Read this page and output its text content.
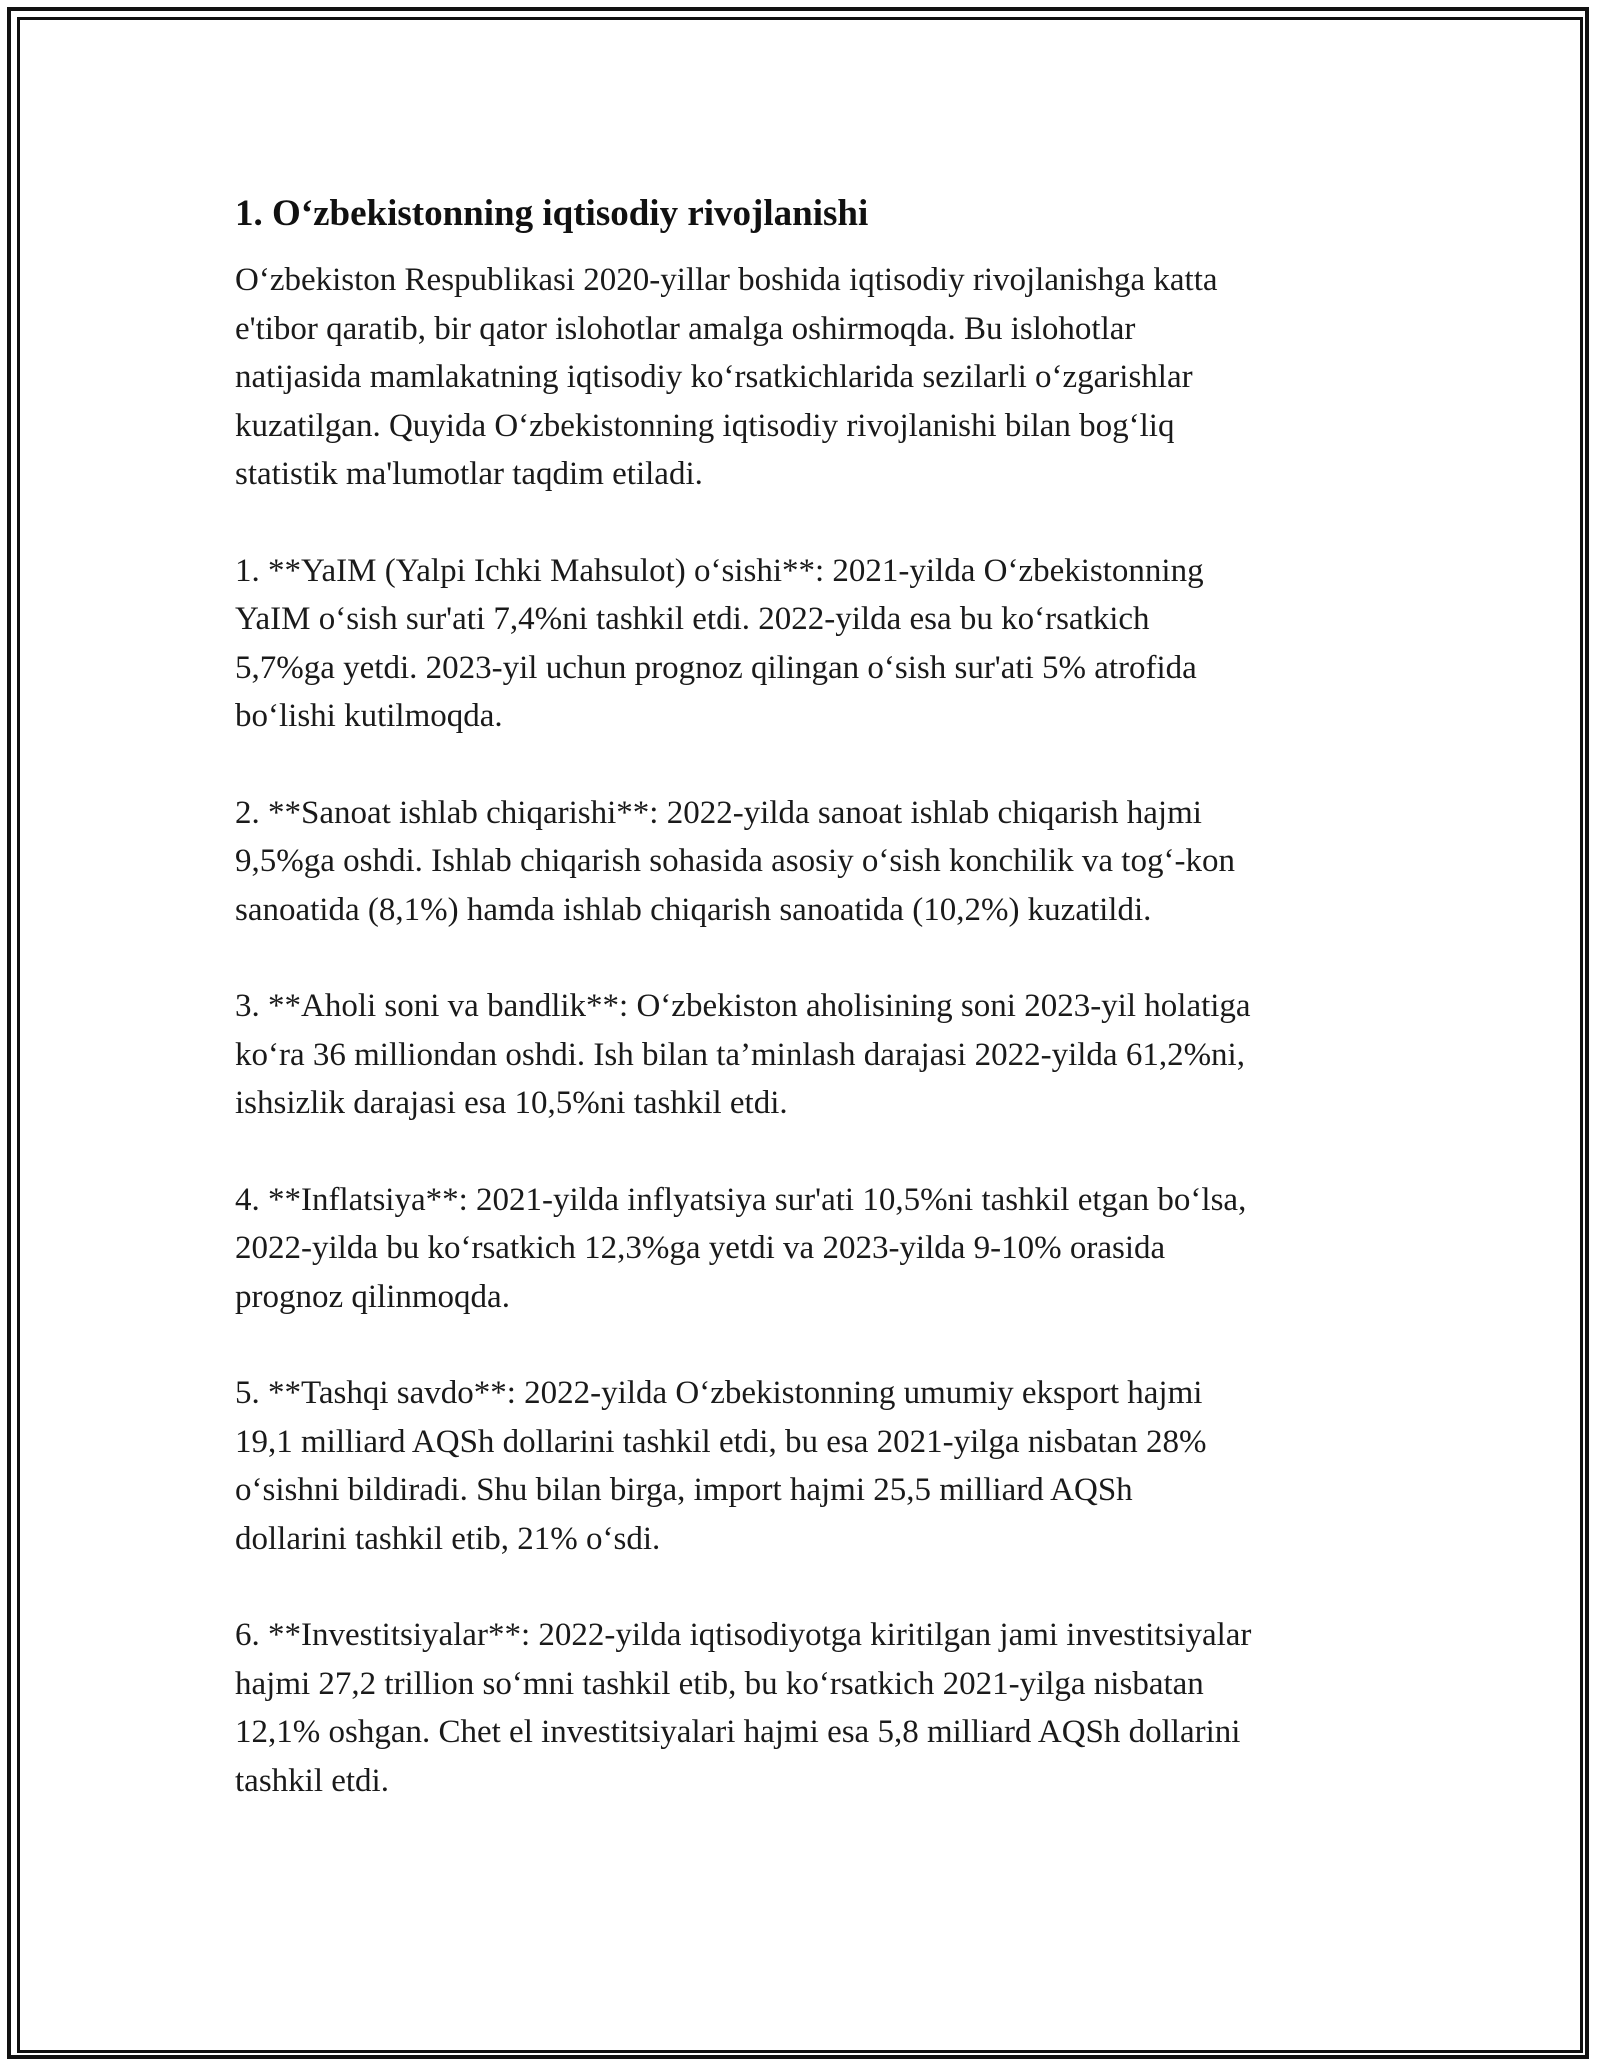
1. O‘zbekistonning iqtisodiy rivojlanishi

O‘zbekiston Respublikasi 2020-yillar boshida iqtisodiy rivojlanishga katta
e'tibor qaratib, bir qator islohotlar amalga oshirmoqda. Bu islohotlar
natijasida mamlakatning iqtisodiy ko‘rsatkichlarida sezilarli o‘zgarishlar
kuzatilgan. Quyida O‘zbekistonning iqtisodiy rivojlanishi bilan bog‘liq
statistik ma'lumotlar taqdim etiladi.

1. **YaIM (Yalpi Ichki Mahsulot) o‘sishi**: 2021-yilda O‘zbekistonning
YaIM o‘sish sur'ati 7,4%ni tashkil etdi. 2022-yilda esa bu ko‘rsatkich
5,7%ga yetdi. 2023-yil uchun prognoz qilingan o‘sish sur'ati 5% atrofida
bo‘lishi kutilmoqda.

2. **Sanoat ishlab chiqarishi**: 2022-yilda sanoat ishlab chiqarish hajmi
9,5%ga oshdi. Ishlab chiqarish sohasida asosiy o‘sish konchilik va tog‘-kon
sanoatida (8,1%) hamda ishlab chiqarish sanoatida (10,2%) kuzatildi.

3. **Aholi soni va bandlik**: O‘zbekiston aholisining soni 2023-yil holatiga
ko‘ra 36 milliondan oshdi. Ish bilan ta’minlash darajasi 2022-yilda 61,2%ni,
ishsizlik darajasi esa 10,5%ni tashkil etdi.

4. **Inflatsiya**: 2021-yilda inflyatsiya sur'ati 10,5%ni tashkil etgan bo‘lsa,
2022-yilda bu ko‘rsatkich 12,3%ga yetdi va 2023-yilda 9-10% orasida
prognoz qilinmoqda.

5. **Tashqi savdo**: 2022-yilda O‘zbekistonning umumiy eksport hajmi
19,1 milliard AQSh dollarini tashkil etdi, bu esa 2021-yilga nisbatan 28%
o‘sishni bildiradi. Shu bilan birga, import hajmi 25,5 milliard AQSh
dollarini tashkil etib, 21% o‘sdi.

6. **Investitsiyalar**: 2022-yilda iqtisodiyotga kiritilgan jami investitsiyalar
hajmi 27,2 trillion so‘mni tashkil etib, bu ko‘rsatkich 2021-yilga nisbatan
12,1% oshgan. Chet el investitsiyalari hajmi esa 5,8 milliard AQSh dollarini
tashkil etdi.
